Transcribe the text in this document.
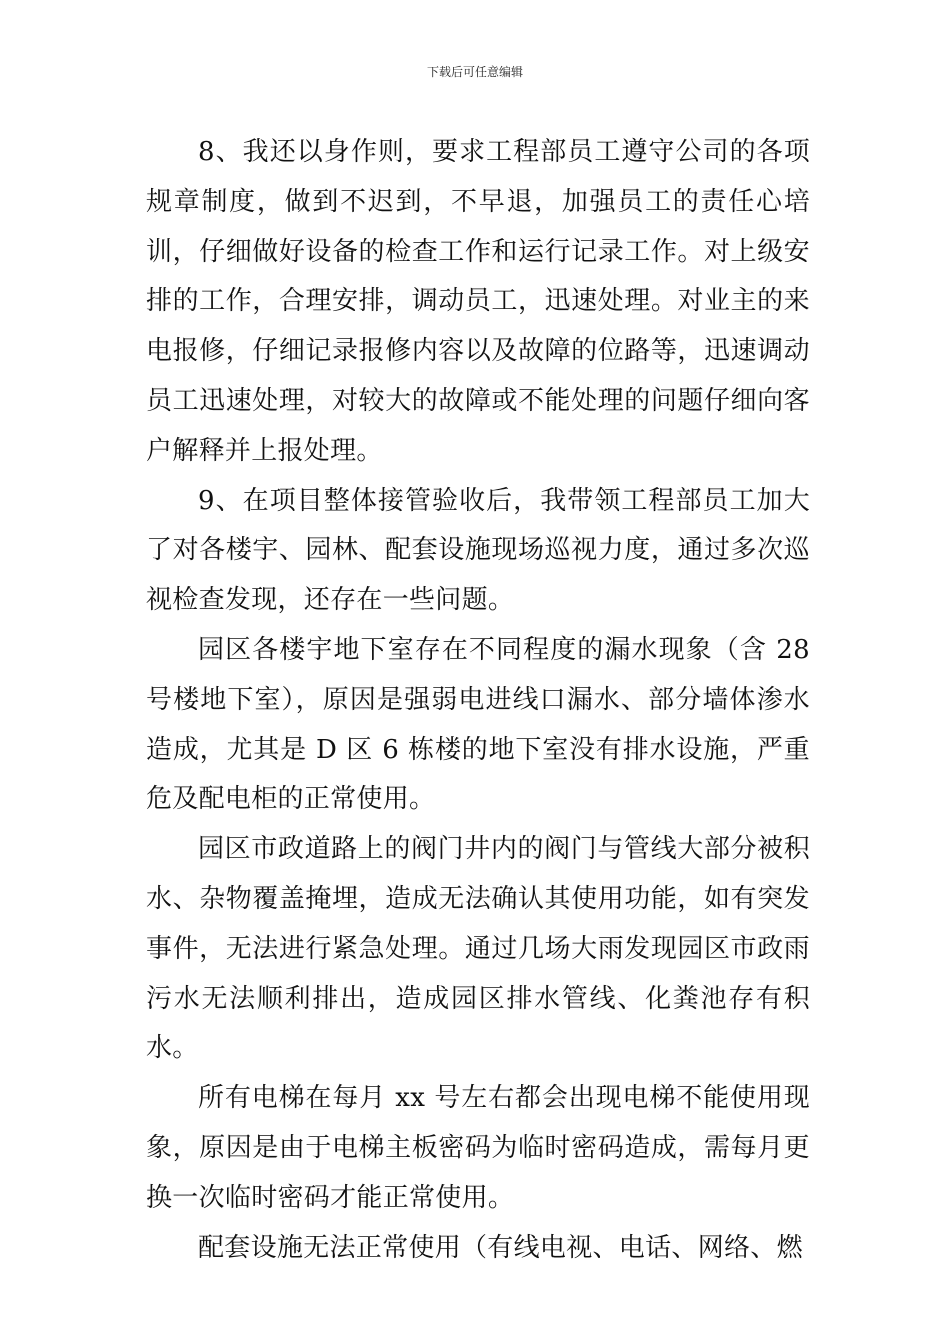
下载后可任意编辑

8、我还以身作则，要求工程部员工遵守公司的各项规章制度，做到不迟到，不早退，加强员工的责任心培训，仔细做好设备的检查工作和运行记录工作。对上级安排的工作，合理安排，调动员工，迅速处理。对业主的来电报修，仔细记录报修内容以及故障的位路等，迅速调动员工迅速处理，对较大的故障或不能处理的问题仔细向客户解释并上报处理。

9、在项目整体接管验收后，我带领工程部员工加大了对各楼宇、园林、配套设施现场巡视力度，通过多次巡视检查发现，还存在一些问题。

园区各楼宇地下室存在不同程度的漏水现象（含 28 号楼地下室），原因是强弱电进线口漏水、部分墙体渗水造成，尤其是 D 区 6 栋楼的地下室没有排水设施，严重危及配电柜的正常使用。

园区市政道路上的阀门井内的阀门与管线大部分被积水、杂物覆盖掩埋，造成无法确认其使用功能，如有突发事件，无法进行紧急处理。通过几场大雨发现园区市政雨污水无法顺利排出，造成园区排水管线、化粪池存有积水。

所有电梯在每月 xx 号左右都会出现电梯不能使用现象，原因是由于电梯主板密码为临时密码造成，需每月更换一次临时密码才能正常使用。

配套设施无法正常使用（有线电视、电话、网络、燃
